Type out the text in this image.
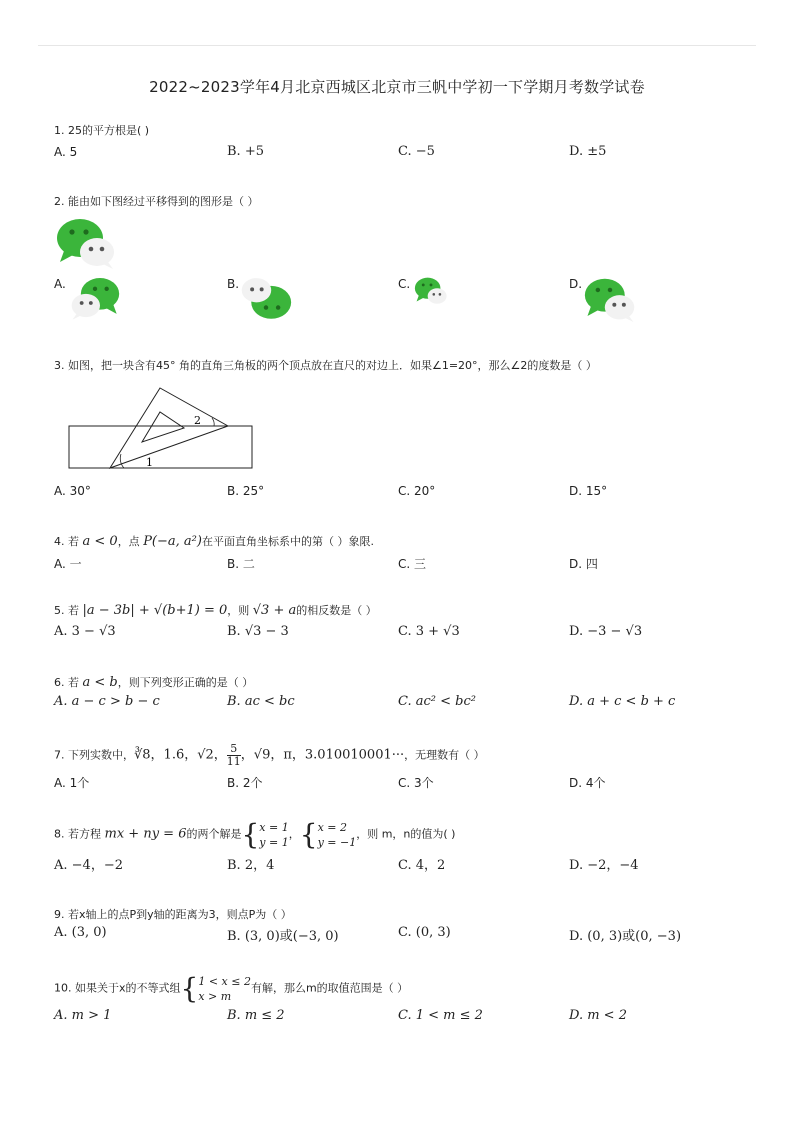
2022~2023学年4月北京西城区北京市三帆中学初一下学期月考数学试卷
1. 25的平方根是( )
A. 5	B. +5	C. −5	D. ±5
2. 能由如下图经过平移得到的图形是（ ）
A.	B.	C.	D.
3. 如图，把一块含有45° 角的直角三角板的两个顶点放在直尺的对边上．如果∠1=20°，那么∠2的度数是（ ）
1
2
A. 30°	B. 25°	C. 20°	D. 15°
4. 若 a < 0，点 P(−a, a²)在平面直角坐标系中的第（ ）象限.
A. 一	B. 二	C. 三	D. 四
5. 若 |a − 3b| + √(b+1) = 0，则 √3 + a的相反数是（ ）
A. 3 − √3	B. √3 − 3	C. 3 + √3	D. −3 − √3
6. 若 a < b，则下列变形正确的是（ ）
A. a − c > b − c	B. ac < bc	C. ac² < bc²	D. a + c < b + c
7. 下列实数中，∛8，1.6̇，√2， $\frac{5}{11}$ ，√9，π，3.010010001···，无理数有（ ）
A. 1个	B. 2个	C. 3个	D. 4个
8. 若方程 mx + ny = 6的两个解是{ x = 1
y = 1
，{ x = 2
y = −1
，则 m，n的值为( )
A. −4，−2	B. 2，4	C. 4，2	D. −2，−4
9. 若x轴上的点P到y轴的距离为3，则点P为（ ）
A. (3, 0)	B. (3, 0)或(−3, 0)	C. (0, 3)	D. (0, 3)或(0, −3)
10. 如果关于x的不等式组{ 1 < x ≤ 2
x > m
有解，那么m的取值范围是（ ）
A. m > 1	B. m ≤ 2	C. 1 < m ≤ 2	D. m < 2
